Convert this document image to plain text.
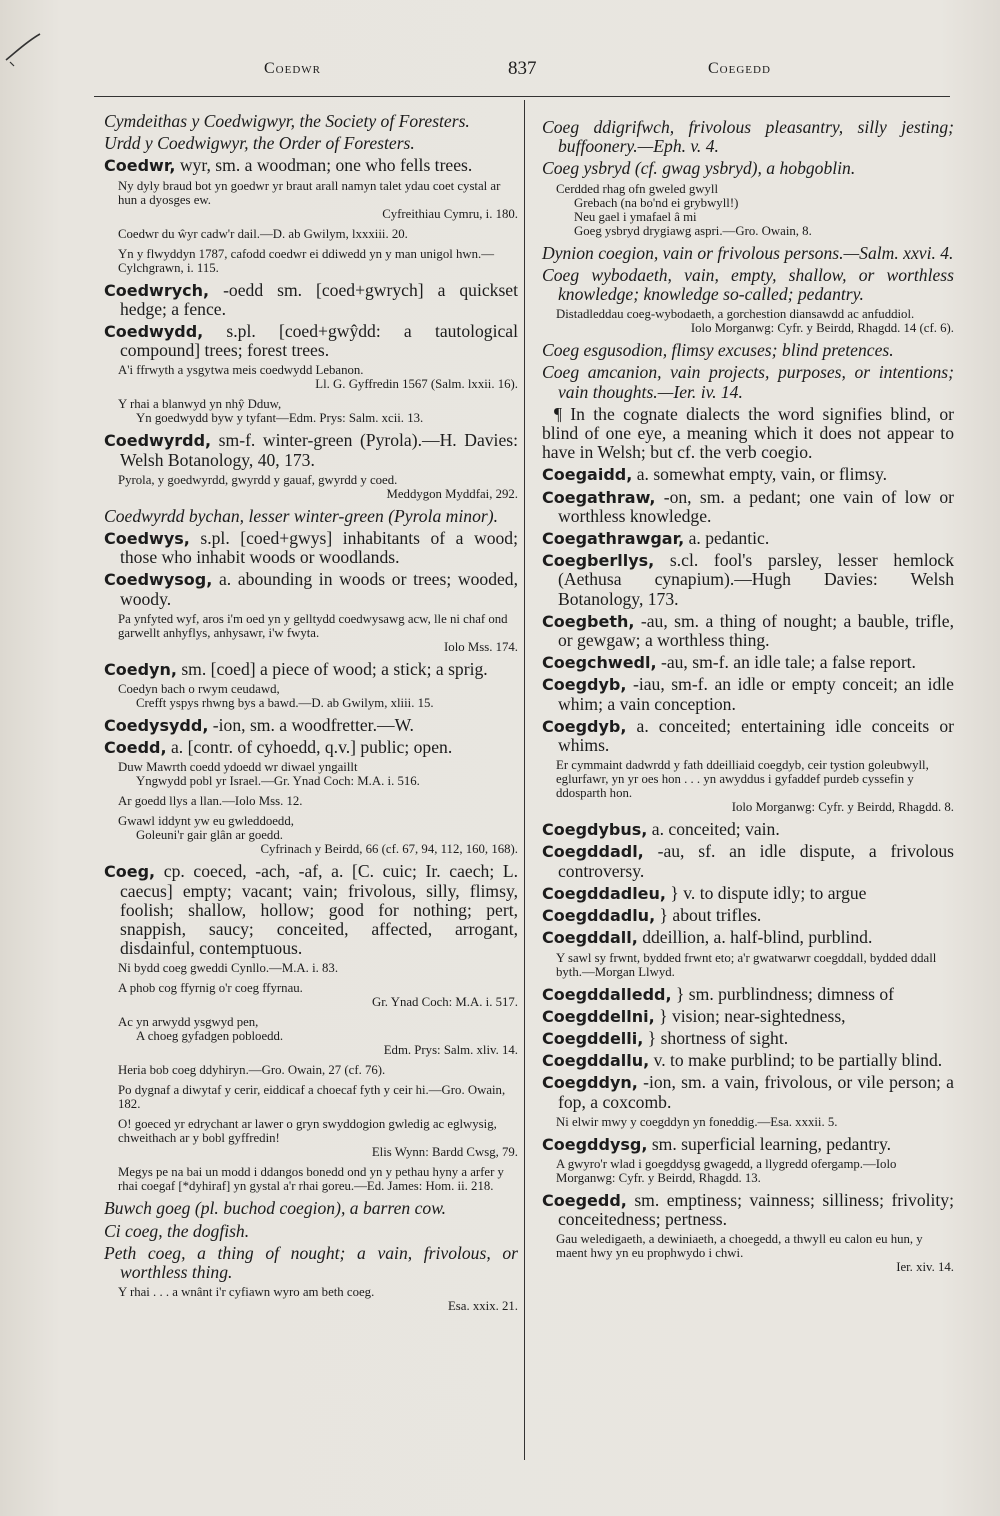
Coedwr	837	Coegedd

Cymdeithas y Coedwigwyr, the Society of Foresters.

Urdd y Coedwigwyr, the Order of Foresters.

Coedwr, wyr, sm. a woodman; one who fells trees.

Ny dyly braud bot yn goedwr yr braut arall namyn talet ydau coet cystal ar hun a dyosges ew.
Cyfreithiau Cymru, i. 180.
Coedwr du ŵyr cadw'r dail.—D. ab Gwilym, lxxxiii. 20.
Yn y flwyddyn 1787, cafodd coedwr ei ddiwedd yn y man unigol hwn.—Cylchgrawn, i. 115.

Coedwrych, -oedd sm. [coed+gwrych] a quickset hedge; a fence.

Coedwydd, s.pl. [coed+gwŷdd: a tautological compound] trees; forest trees.

A'i ffrwyth a ysgytwa meis coedwydd Lebanon.
Ll. G. Gyffredin 1567 (Salm. lxxii. 16).
Y rhai a blanwyd yn nhŷ Dduw,
Yn goedwydd byw y tyfant—Edm. Prys: Salm. xcii. 13.

Coedwyrdd, sm-f. winter-green (Pyrola).—H. Davies: Welsh Botanology, 40, 173.

Pyrola, y goedwyrdd, gwyrdd y gauaf, gwyrdd y coed.
Meddygon Myddfai, 292.

Coedwyrdd bychan, lesser winter-green (Pyrola minor).

Coedwys, s.pl. [coed+gwys] inhabitants of a wood; those who inhabit woods or woodlands.

Coedwysog, a. abounding in woods or trees; wooded, woody.

Pa ynfyted wyf, aros i'm oed yn y gelltydd coedwysawg acw, lle ni chaf ond garwellt anhyflys, anhysawr, i'w fwyta.
Iolo Mss. 174.

Coedyn, sm. [coed] a piece of wood; a stick; a sprig.

Coedyn bach o rwym ceudawd,
Crefft yspys rhwng bys a bawd.—D. ab Gwilym, xliii. 15.

Coedysydd, -ion, sm. a woodfretter.—W.

Coedd, a. [contr. of cyhoedd, q.v.] public; open.

Duw Mawrth coedd ydoedd wr diwael yngaillt
Yngwydd pobl yr Israel.—Gr. Ynad Coch: M.A. i. 516.
Ar goedd llys a llan.—Iolo Mss. 12.
Gwawl iddynt yw eu gwleddoedd,
Goleuni'r gair glân ar goedd.
Cyfrinach y Beirdd, 66 (cf. 67, 94, 112, 160, 168).

Coeg, cp. coeced, -ach, -af, a. [C. cuic; Ir. caech; L. caecus] empty; vacant; vain; frivolous, silly, flimsy, foolish; shallow, hollow; good for nothing; pert, snappish, saucy; conceited, affected, arrogant, disdainful, contemptuous.

Ni bydd coeg gweddi Cynllo.—M.A. i. 83.
A phob cog ffyrnig o'r coeg ffyrnau.
Gr. Ynad Coch: M.A. i. 517.
Ac yn arwydd ysgwyd pen,
A choeg gyfadgen pobloedd.
Edm. Prys: Salm. xliv. 14.
Heria bob coeg ddyhiryn.—Gro. Owain, 27 (cf. 76).
Po dygnaf a diwytaf y cerir, eiddicaf a choecaf fyth y ceir hi.—Gro. Owain, 182.
O! goeced yr edrychant ar lawer o gryn swyddogion gwledig ac eglwysig, chweithach ar y bobl gyffredin!
Elis Wynn: Bardd Cwsg, 79.
Megys pe na bai un modd i ddangos bonedd ond yn y pethau hyny a arfer y rhai coegaf [*dyhiraf] yn gystal a'r rhai goreu.—Ed. James: Hom. ii. 218.

Buwch goeg (pl. buchod coegion), a barren cow.

Ci coeg, the dogfish.

Peth coeg, a thing of nought; a vain, frivolous, or worthless thing.

Y rhai . . . a wnânt i'r cyfiawn wyro am beth coeg.
Esa. xxix. 21.

Coeg ddigrifwch, frivolous pleasantry, silly jesting; buffoonery.—Eph. v. 4.

Coeg ysbryd (cf. gwag ysbryd), a hobgoblin.

Cerdded rhag ofn gweled gwyll
Grebach (na bo'nd ei grybwyll!)
Neu gael i ymafael â mi
Goeg ysbryd drygiawg aspri.—Gro. Owain, 8.

Dynion coegion, vain or frivolous persons.—Salm. xxvi. 4.

Coeg wybodaeth, vain, empty, shallow, or worthless knowledge; knowledge so-called; pedantry.

Distadleddau coeg-wybodaeth, a gorchestion diansawdd ac anfuddiol.
Iolo Morganwg: Cyfr. y Beirdd, Rhagdd. 14 (cf. 6).

Coeg esgusodion, flimsy excuses; blind pretences.

Coeg amcanion, vain projects, purposes, or intentions; vain thoughts.—Ier. iv. 14.

¶ In the cognate dialects the word signifies blind, or blind of one eye, a meaning which it does not appear to have in Welsh; but cf. the verb coegio.

Coegaidd, a. somewhat empty, vain, or flimsy.

Coegathraw, -on, sm. a pedant; one vain of low or worthless knowledge.

Coegathrawgar, a. pedantic.

Coegberllys, s.cl. fool's parsley, lesser hemlock (Aethusa cynapium).—Hugh Davies: Welsh Botanology, 173.

Coegbeth, -au, sm. a thing of nought; a bauble, trifle, or gewgaw; a worthless thing.

Coegchwedl, -au, sm-f. an idle tale; a false report.

Coegdyb, -iau, sm-f. an idle or empty conceit; an idle whim; a vain conception.

Coegdyb, a. conceited; entertaining idle conceits or whims.

Er cymmaint dadwrdd y fath ddeilliaid coegdyb, ceir tystion goleubwyll, eglurfawr, yn yr oes hon . . . yn awyddus i gyfaddef purdeb cyssefin y ddosparth hon.
Iolo Morganwg: Cyfr. y Beirdd, Rhagdd. 8.

Coegdybus, a. conceited; vain.

Coegddadl, -au, sf. an idle dispute, a frivolous controversy.

Coegddadleu, } v. to dispute idly; to argue

Coegddadlu, } about trifles.

Coegddall, ddeillion, a. half-blind, purblind.

Y sawl sy frwnt, bydded frwnt eto; a'r gwatwarwr coegddall, bydded ddall byth.—Morgan Llwyd.

Coegddalledd, } sm. purblindness; dimness of

Coegddellni, } vision; near-sightedness,

Coegddelli, } shortness of sight.

Coegddallu, v. to make purblind; to be partially blind.

Coegddyn, -ion, sm. a vain, frivolous, or vile person; a fop, a coxcomb.

Ni elwir mwy y coegddyn yn foneddig.—Esa. xxxii. 5.

Coegddysg, sm. superficial learning, pedantry.

A gwyro'r wlad i goegddysg gwagedd, a llygredd ofergamp.—Iolo Morganwg: Cyfr. y Beirdd, Rhagdd. 13.

Coegedd, sm. emptiness; vainness; silliness; frivolity; conceitedness; pertness.

Gau weledigaeth, a dewiniaeth, a choegedd, a thwyll eu calon eu hun, y maent hwy yn eu prophwydo i chwi.
Ier. xiv. 14.
